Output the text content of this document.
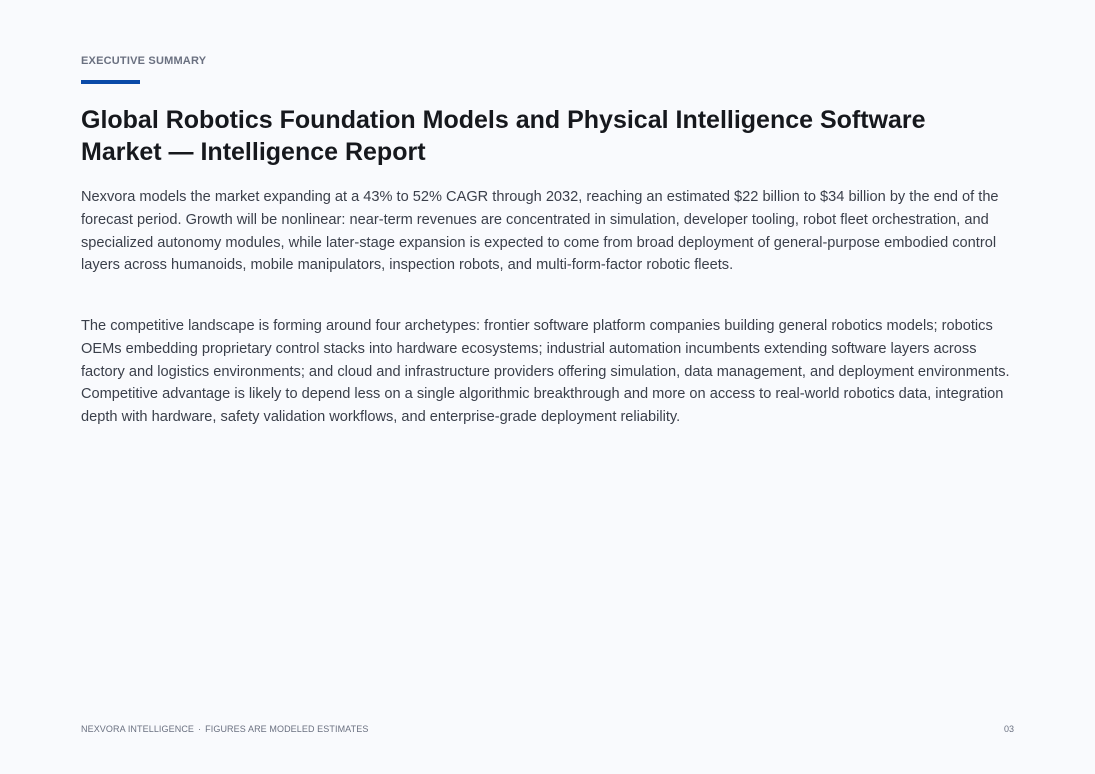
EXECUTIVE SUMMARY
Global Robotics Foundation Models and Physical Intelligence Software Market — Intelligence Report

Nexvora models the market expanding at a 43% to 52% CAGR through 2032, reaching an estimated $22 billion to $34 billion by the end of the forecast period. Growth will be nonlinear: near-term revenues are concentrated in simulation, developer tooling, robot fleet orchestration, and specialized autonomy modules, while later-stage expansion is expected to come from broad deployment of general-purpose embodied control layers across humanoids, mobile manipulators, inspection robots, and multi-form-factor robotic fleets.

The competitive landscape is forming around four archetypes: frontier software platform companies building general robotics models; robotics OEMs embedding proprietary control stacks into hardware ecosystems; industrial automation incumbents extending software layers across factory and logistics environments; and cloud and infrastructure providers offering simulation, data management, and deployment environments. Competitive advantage is likely to depend less on a single algorithmic breakthrough and more on access to real-world robotics data, integration depth with hardware, safety validation workflows, and enterprise-grade deployment reliability.

NEXVORA INTELLIGENCE · FIGURES ARE MODELED ESTIMATES	03
